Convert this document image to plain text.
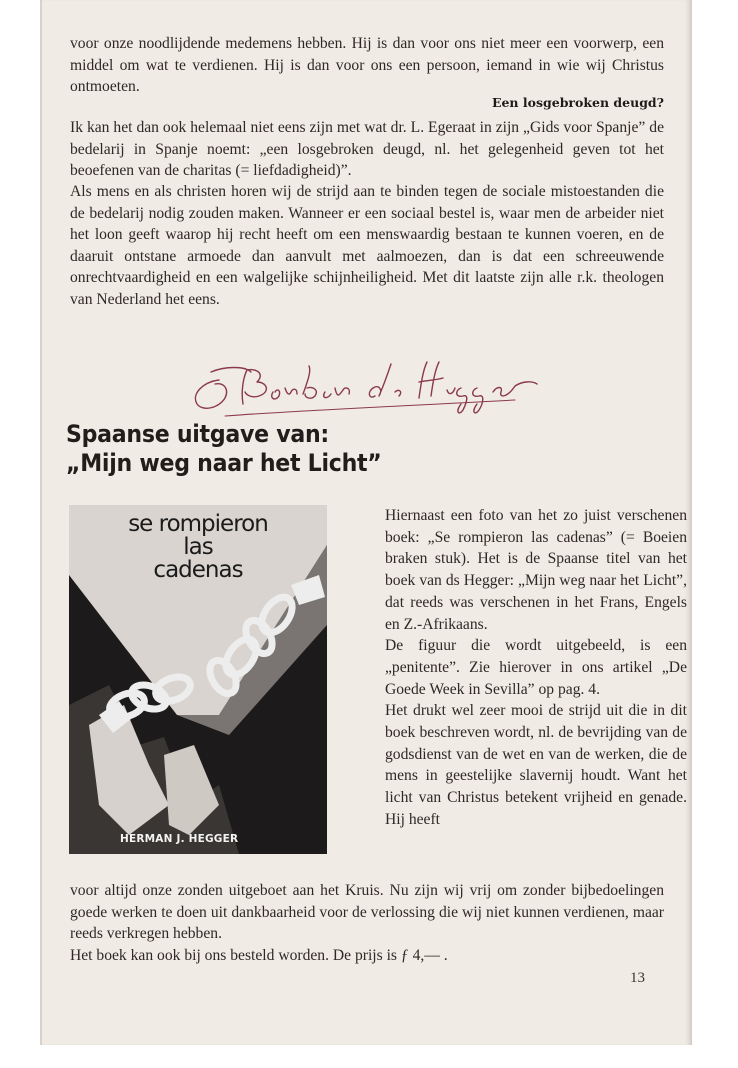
voor onze noodlijdende medemens hebben. Hij is dan voor ons niet meer een voorwerp, een middel om wat te verdienen. Hij is dan voor ons een persoon, iemand in wie wij Christus ontmoeten.

Een losgebroken deugd?

Ik kan het dan ook helemaal niet eens zijn met wat dr. L. Egeraat in zijn „Gids voor Spanje” de bedelarij in Spanje noemt: „een losgebroken deugd, nl. het gelegenheid geven tot het beoefenen van de charitas (= liefdadigheid)”.

Als mens en als christen horen wij de strijd aan te binden tegen de sociale mistoestanden die de bedelarij nodig zouden maken. Wanneer er een sociaal bestel is, waar men de arbeider niet het loon geeft waarop hij recht heeft om een menswaardig bestaan te kunnen voeren, en de daaruit ontstane armoede dan aanvult met aalmoezen, dan is dat een schreeuwende onrechtvaardigheid en een walgelijke schijnheiligheid. Met dit laatste zijn alle r.k. theologen van Nederland het eens.

Spaanse uitgave van:
„Mijn weg naar het Licht”

se rompieron
las
cadenas

HERMAN J. HEGGER

Hiernaast een foto van het zo juist verschenen boek: „Se rompieron las cadenas” (= Boeien braken stuk). Het is de Spaanse titel van het boek van ds Hegger: „Mijn weg naar het Licht”, dat reeds was verschenen in het Frans, Engels en Z.-Afrikaans.
De figuur die wordt uitgebeeld, is een „penitente”. Zie hierover in ons artikel „De Goede Week in Sevilla” op pag. 4.
Het drukt wel zeer mooi de strijd uit die in dit boek beschreven wordt, nl. de bevrijding van de godsdienst van de wet en van de werken, die de mens in geestelijke slavernij houdt. Want het licht van Christus betekent vrijheid en genade. Hij heeft

voor altijd onze zonden uitgeboet aan het Kruis. Nu zijn wij vrij om zonder bijbedoelingen goede werken te doen uit dankbaarheid voor de verlossing die wij niet kunnen verdienen, maar reeds verkregen hebben.

Het boek kan ook bij ons besteld worden. De prijs is ƒ 4,— .

13
